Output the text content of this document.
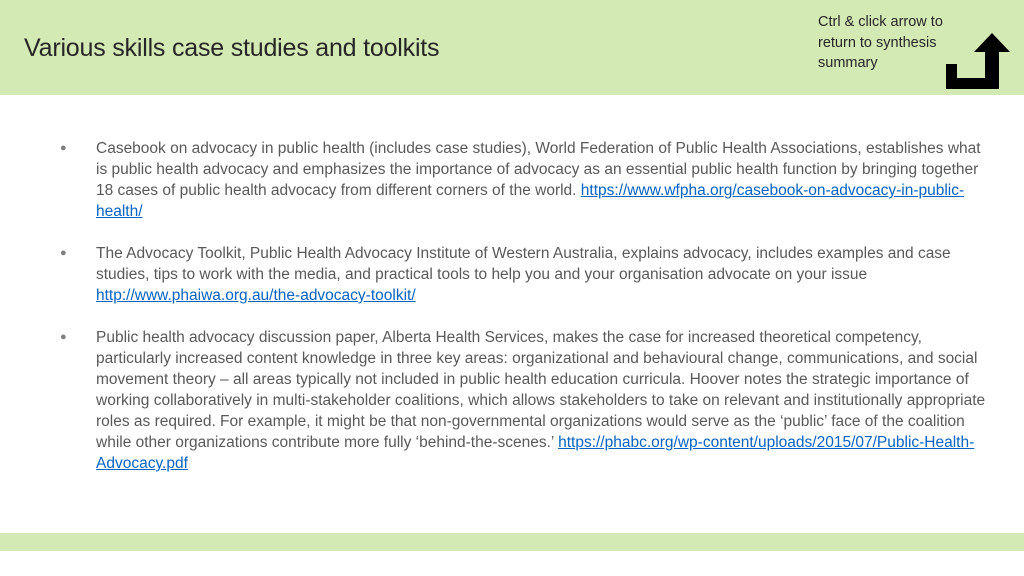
Various skills case studies and toolkits
Ctrl & click arrow to return to synthesis summary
● Casebook on advocacy in public health (includes case studies), World Federation of Public Health Associations, establishes what is public health advocacy and emphasizes the importance of advocacy as an essential public health function by bringing together 18 cases of public health advocacy from different corners of the world. https://www.wfpha.org/casebook-on-advocacy-in-public-health/
● The Advocacy Toolkit, Public Health Advocacy Institute of Western Australia, explains advocacy, includes examples and case studies, tips to work with the media, and practical tools to help you and your organisation advocate on your issue http://www.phaiwa.org.au/the-advocacy-toolkit/
● Public health advocacy discussion paper, Alberta Health Services, makes the case for increased theoretical competency, particularly increased content knowledge in three key areas: organizational and behavioural change, communications, and social movement theory – all areas typically not included in public health education curricula. Hoover notes the strategic importance of working collaboratively in multi-stakeholder coalitions, which allows stakeholders to take on relevant and institutionally appropriate roles as required. For example, it might be that non-governmental organizations would serve as the ‘public’ face of the coalition while other organizations contribute more fully ‘behind-the-scenes.’ https://phabc.org/wp-content/uploads/2015/07/Public-Health-Advocacy.pdf
